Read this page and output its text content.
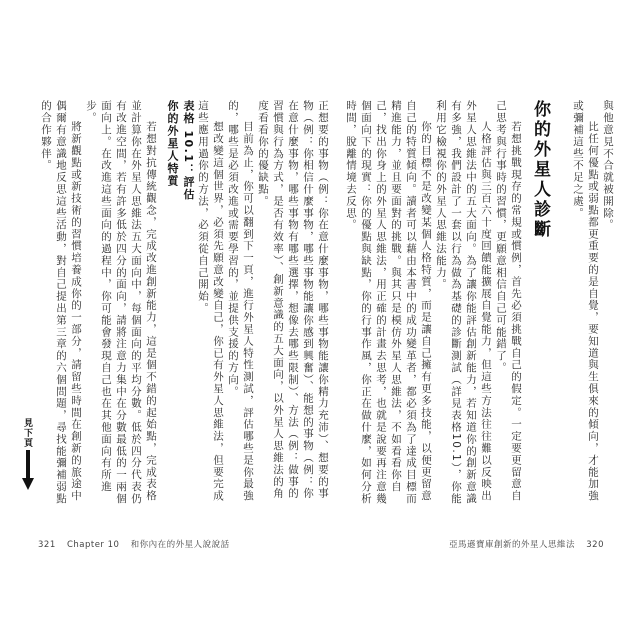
與他意見不合就被開除。

比任何優點或弱點都更重要的是自覺，要知道與生俱來的傾向，才能加強或彌補這些不足之處。

你的外星人診斷

若想挑戰現存的常規或慣例，首先必須挑戰自己的假定。一定要更留意自己思考與行事時的習慣，更願意相信自己可能錯了。

人格評估與三百六十度回饋能擴展自覺能力，但這些方法往往難以反映出外星人思維法中的五大面向。為了讓你能評估創新能力，若知道你的創新意識有多強，我們設計了一套以行為做為基礎的診斷測試（詳見表格10.1），你能利用它檢視你的外星人思維法能力。

你的目標不是改變某個人格特質，而是讓自己擁有更多技能，以便更留意自己的特質傾向。讀者可以藉由本書中的成功變革者，都必須為了達成目標而精進能力，並且要面對的挑戰。與其只是模仿外星人思維法，不如看看你自己，找出你身上的外星人思維法，用正確的計畫去思考，也就是說要再注意幾個面向下的現實：你的優點與缺點，你的行事作風，你正在做什麼，如何分析時間，脫離情境去反思。

正想要的事物（例：你在意什麼事物，哪些事物能讓你精力充沛）、想要的事物（例：你相信什麼事物，哪些事物能讓你感到興奮）、能想的事物（例：你在意什麼事物，哪些事物有哪些選擇，想像去哪些限制）、方法（例：做事的習慣與行為方式，是否有效率）、創新意識的五大面向，以外星人思維法的角度看看你的優缺點。

目前為止，你可以翻到下一頁，進行外星人特性測試，評估哪些是你最強的，哪些是必須改進或需要學習的，並提供支援的方向。

想改變這個世界，必須先願意改變自己，你已有外星人思維法，但要完成這些應用過你的方法，必須從自己開始。

表格 10.1：評估
你的外星人特質

若想對抗傳統觀念，完成改進創新能力，這是個不錯的起始點，完成表格並計算你在外星人思維法五大面向中，每個面向的平均分數。低於四分代表仍有改進空間，若有許多低於四分的面向，請將注意力集中在分數最低的一兩個面向上。在改進這些面向的過程中，你可能會發現自己也在其他面向有所進步。

將新觀點或新技術的習慣培養成你的一部分，請留些時間在創新的旅途中偶爾有意識地反思這些活動，對自己提出第三章的六個問題，尋找能彌補弱點的合作夥伴。

見下頁
321 Chapter 10 和你內在的外星人說說話	亞馬遜寶庫創新的外星人思維法 320
